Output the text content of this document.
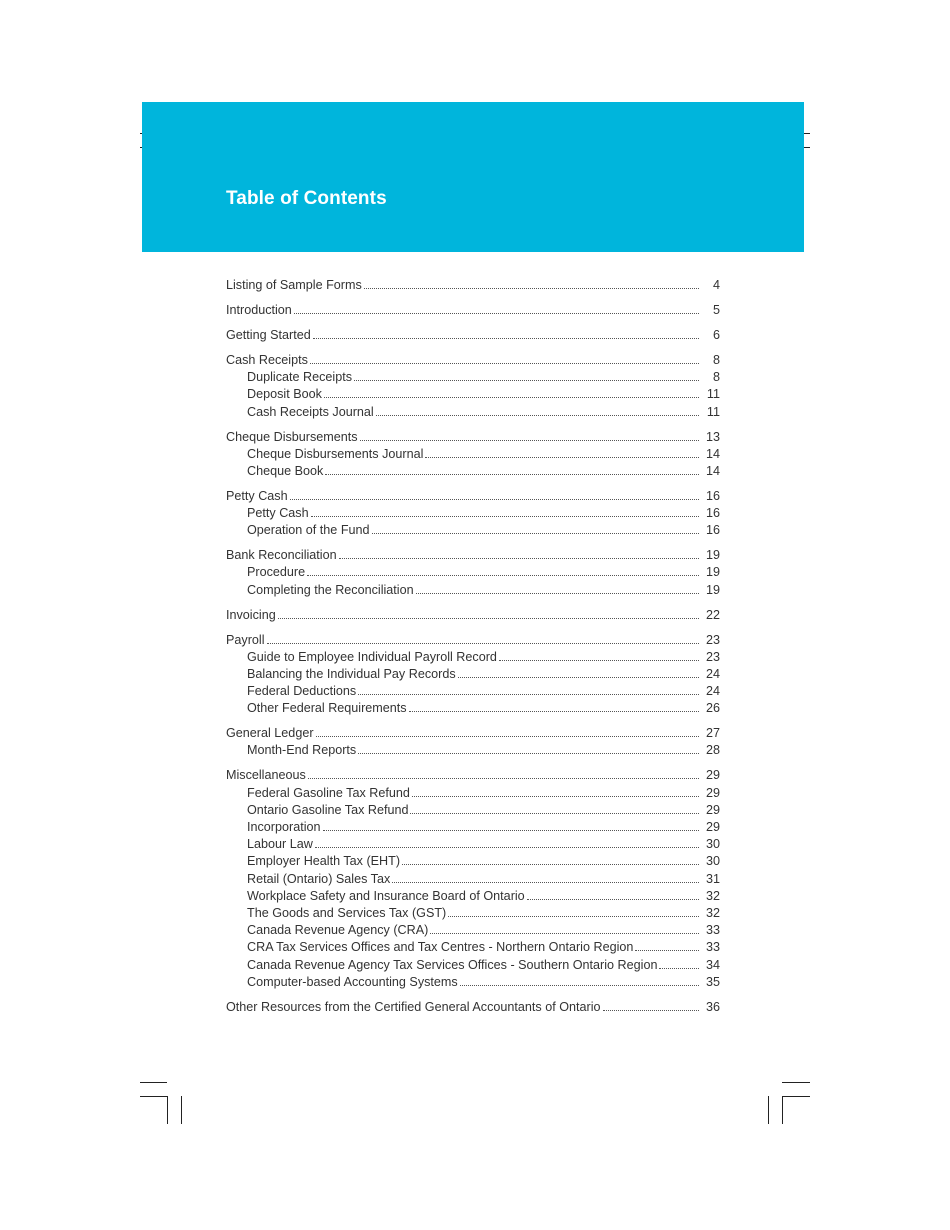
Table of Contents
Listing of Sample Forms	4
Introduction	5
Getting Started	6
Cash Receipts	8
Duplicate Receipts	8
Deposit Book	11
Cash Receipts Journal	11
Cheque Disbursements	13
Cheque Disbursements Journal	14
Cheque Book	14
Petty Cash	16
Petty Cash	16
Operation of the Fund	16
Bank Reconciliation	19
Procedure	19
Completing the Reconciliation	19
Invoicing	22
Payroll	23
Guide to Employee Individual Payroll Record	23
Balancing the Individual Pay Records	24
Federal Deductions	24
Other Federal Requirements	26
General Ledger	27
Month-End Reports	28
Miscellaneous	29
Federal Gasoline Tax Refund	29
Ontario Gasoline Tax Refund	29
Incorporation	29
Labour Law	30
Employer Health Tax (EHT)	30
Retail (Ontario) Sales Tax	31
Workplace Safety and Insurance Board of Ontario	32
The Goods and Services Tax (GST)	32
Canada Revenue Agency (CRA)	33
CRA Tax Services Offices and Tax Centres - Northern Ontario Region	33
Canada Revenue Agency Tax Services Offices - Southern Ontario Region	34
Computer-based Accounting Systems	35
Other Resources from the Certified General Accountants of Ontario	36
